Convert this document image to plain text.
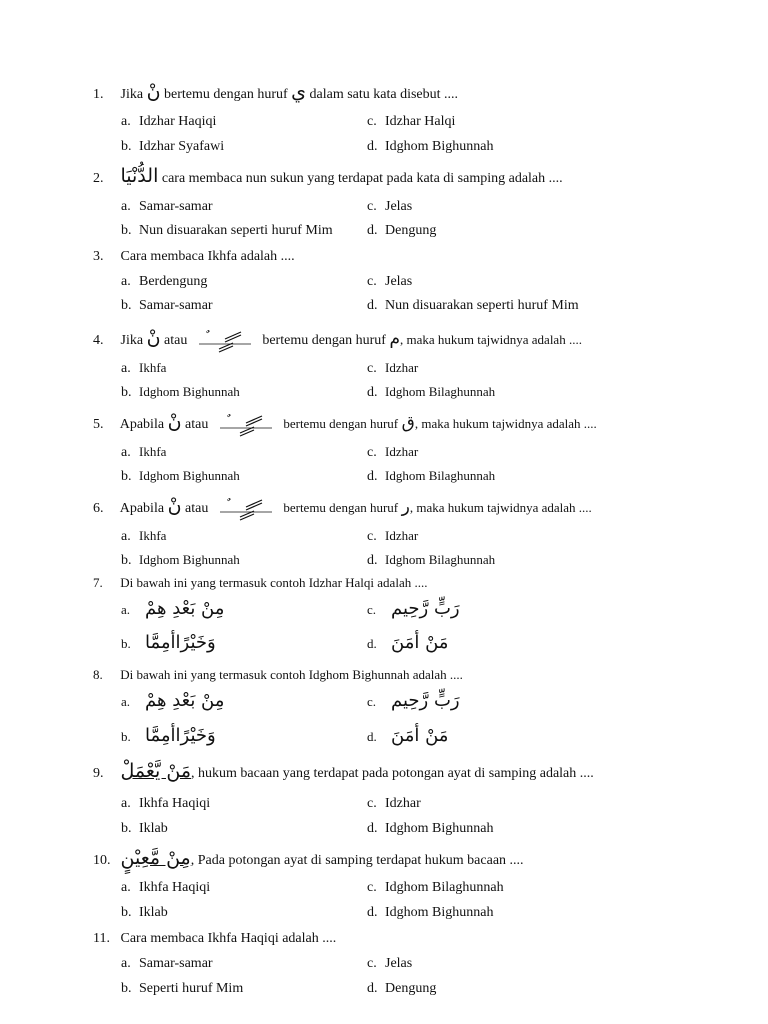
1. Jika نْ bertemu dengan huruf ي dalam satu kata disebut ....
a. Idzhar Haqiqi	c. Idzhar Halqi
b. Idzhar Syafawi	d. Idghom Bighunnah
2. الدُّنْيَا cara membaca nun sukun yang terdapat pada kata di samping adalah ....
a. Samar-samar	c. Jelas
b. Nun disuarakan seperti huruf Mim d. Dengung
3. Cara membaca Ikhfa adalah ....
a. Berdengung	c. Jelas
b. Samar-samar	d. Nun disuarakan seperti huruf Mim
4. Jika نْ atau	bertemu dengan huruf م, maka hukum tajwidnya adalah ....
a. Ikhfa	c. Idzhar
b. Idghom Bighunnah	d. Idghom Bilaghunnah
5. Apabila نْ atau	bertemu dengan huruf ق, maka hukum tajwidnya adalah ....
a. Ikhfa	c. Idzhar
b. Idghom Bighunnah	d. Idghom Bilaghunnah
6. Apabila نْ atau	bertemu dengan huruf ر, maka hukum tajwidnya adalah ....
a. Ikhfa	c. Idzhar
b. Idghom Bighunnah	d. Idghom Bilaghunnah
7. Di bawah ini yang termasuk contoh Idzhar Halqi adalah ....
a. مِنْ بَعْدِ هِمْ	c. رَبٍّ رَّحِيم
b. وَخَيْرًاأمِمَّا	d. مَنْ أمَنَ
8. Di bawah ini yang termasuk contoh Idghom Bighunnah adalah ....
a. مِنْ بَعْدِ هِمْ	c. رَبٍّ رَّحِيم
b. وَخَيْرًاأمِمَّا	d. مَنْ أمَنَ
9. مَنْ يَّعْمَلْ, hukum bacaan yang terdapat pada potongan ayat di samping adalah ....
a. Ikhfa Haqiqi	c. Idzhar
b. Iklab	d. Idghom Bighunnah
10. مِنْ مَّعِيْنٍ, Pada potongan ayat di samping terdapat hukum bacaan ....
a. Ikhfa Haqiqi	c. Idghom Bilaghunnah
b. Iklab	d. Idghom Bighunnah
11. Cara membaca Ikhfa Haqiqi adalah ....
a. Samar-samar	c. Jelas
b. Seperti huruf Mim	d. Dengung
